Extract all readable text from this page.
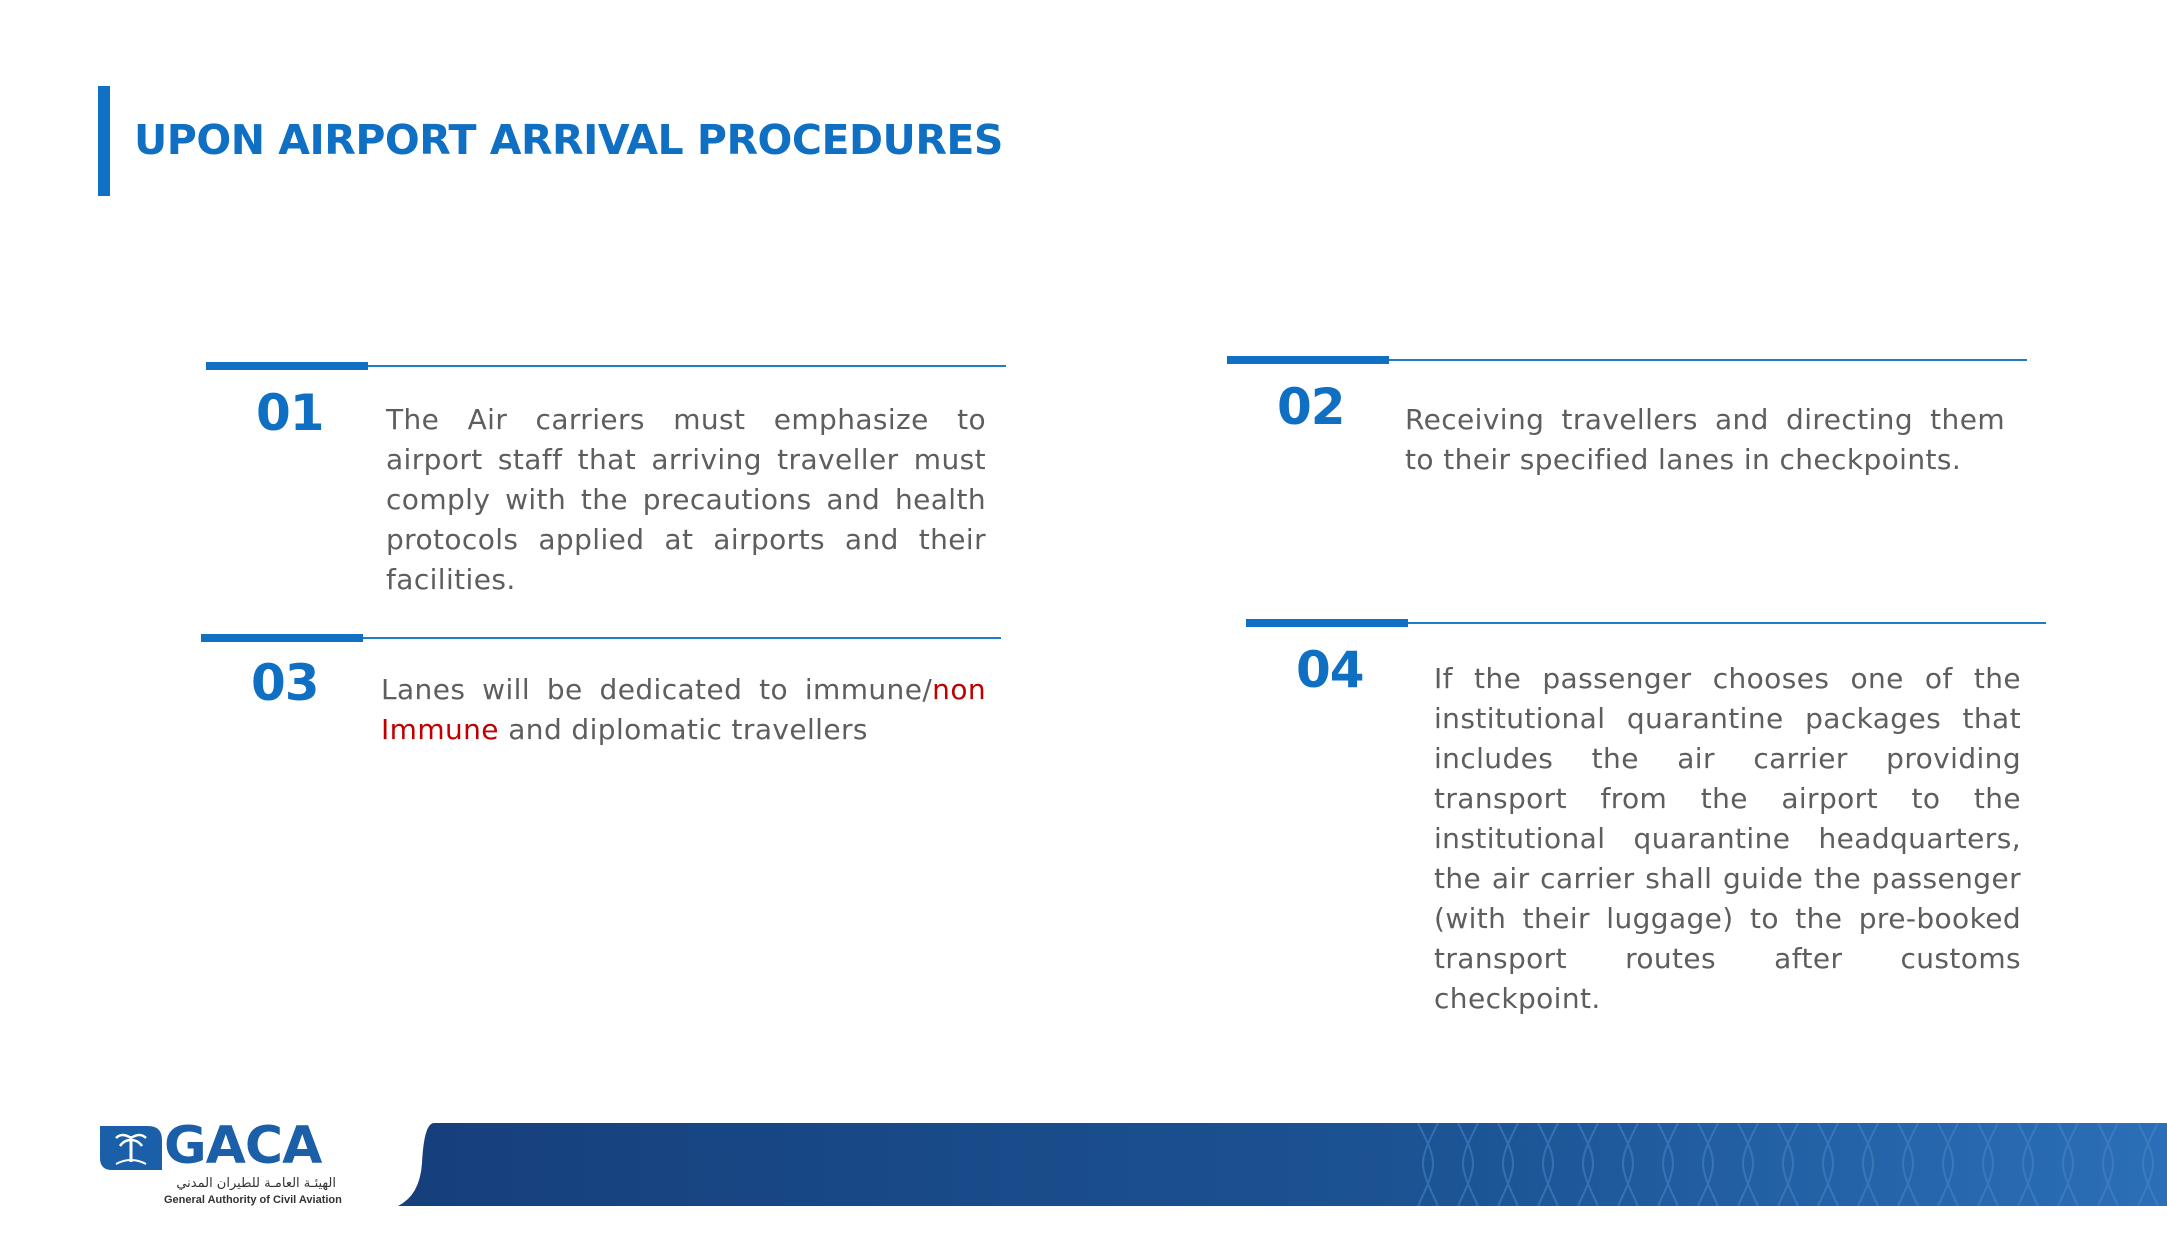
UPON AIRPORT ARRIVAL PROCEDURES

01 The Air carriers must emphasize to airport staff that arriving traveller must comply with the precautions and health protocols applied at airports and their facilities.

02 Receiving travellers and directing them to their specified lanes in checkpoints.

03 Lanes will be dedicated to immune/non Immune and diplomatic travellers

04	If the passenger chooses one of the institutional quarantine packages that includes the air carrier providing transport from the airport to the institutional quarantine headquarters, the air carrier shall guide the passenger (with their luggage) to the pre-booked transport routes after customs checkpoint.

GACA
الهيئـة العامـة للطيران المدني
General Authority of Civil Aviation
